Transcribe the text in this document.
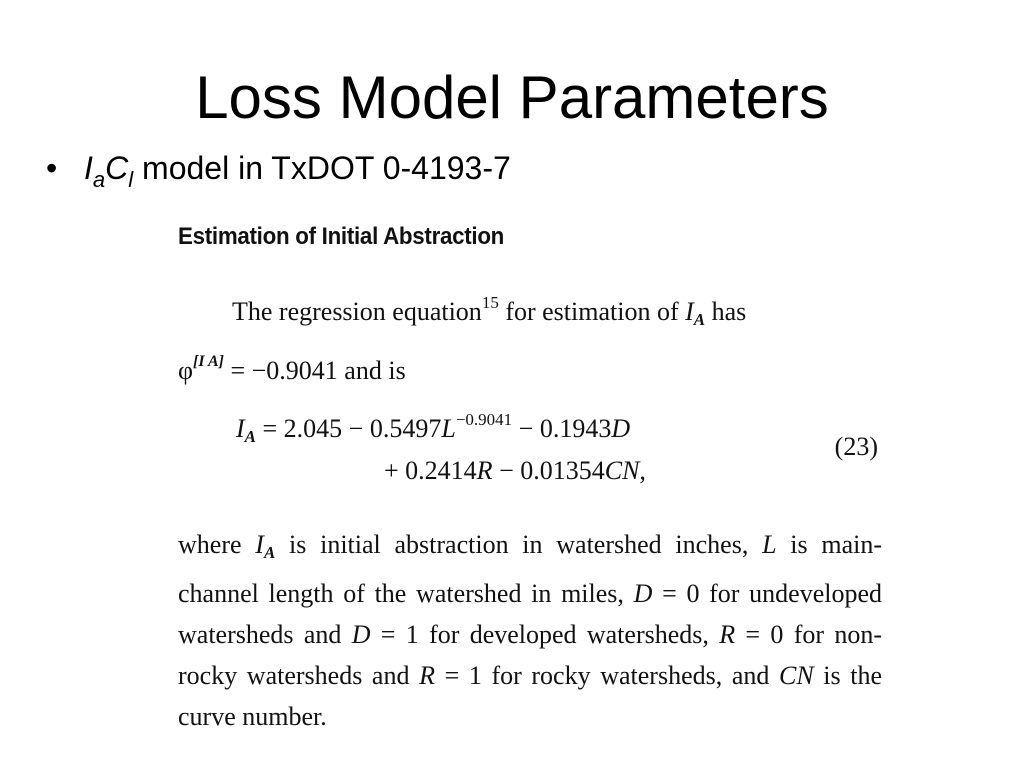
Loss Model Parameters
• $I_aC_l$ model in TxDOT 0-4193-7
Estimation of Initial Abstraction
The regression equation$^{15}$ for estimation of IA has
φ[I A] = −0.9041 and is
IA = $2.045 - 0.5497L^{-0.9041} - 0.1943D$
+ 0.2414R − 0.01354CN,
(23)
where IA is initial abstraction in watershed inches, L is main-channel length of the watershed in miles, D = 0 for undeveloped watersheds and D = 1 for developed watersheds, R = 0 for non-rocky watersheds and R = 1 for rocky watersheds, and CN is the curve number.
